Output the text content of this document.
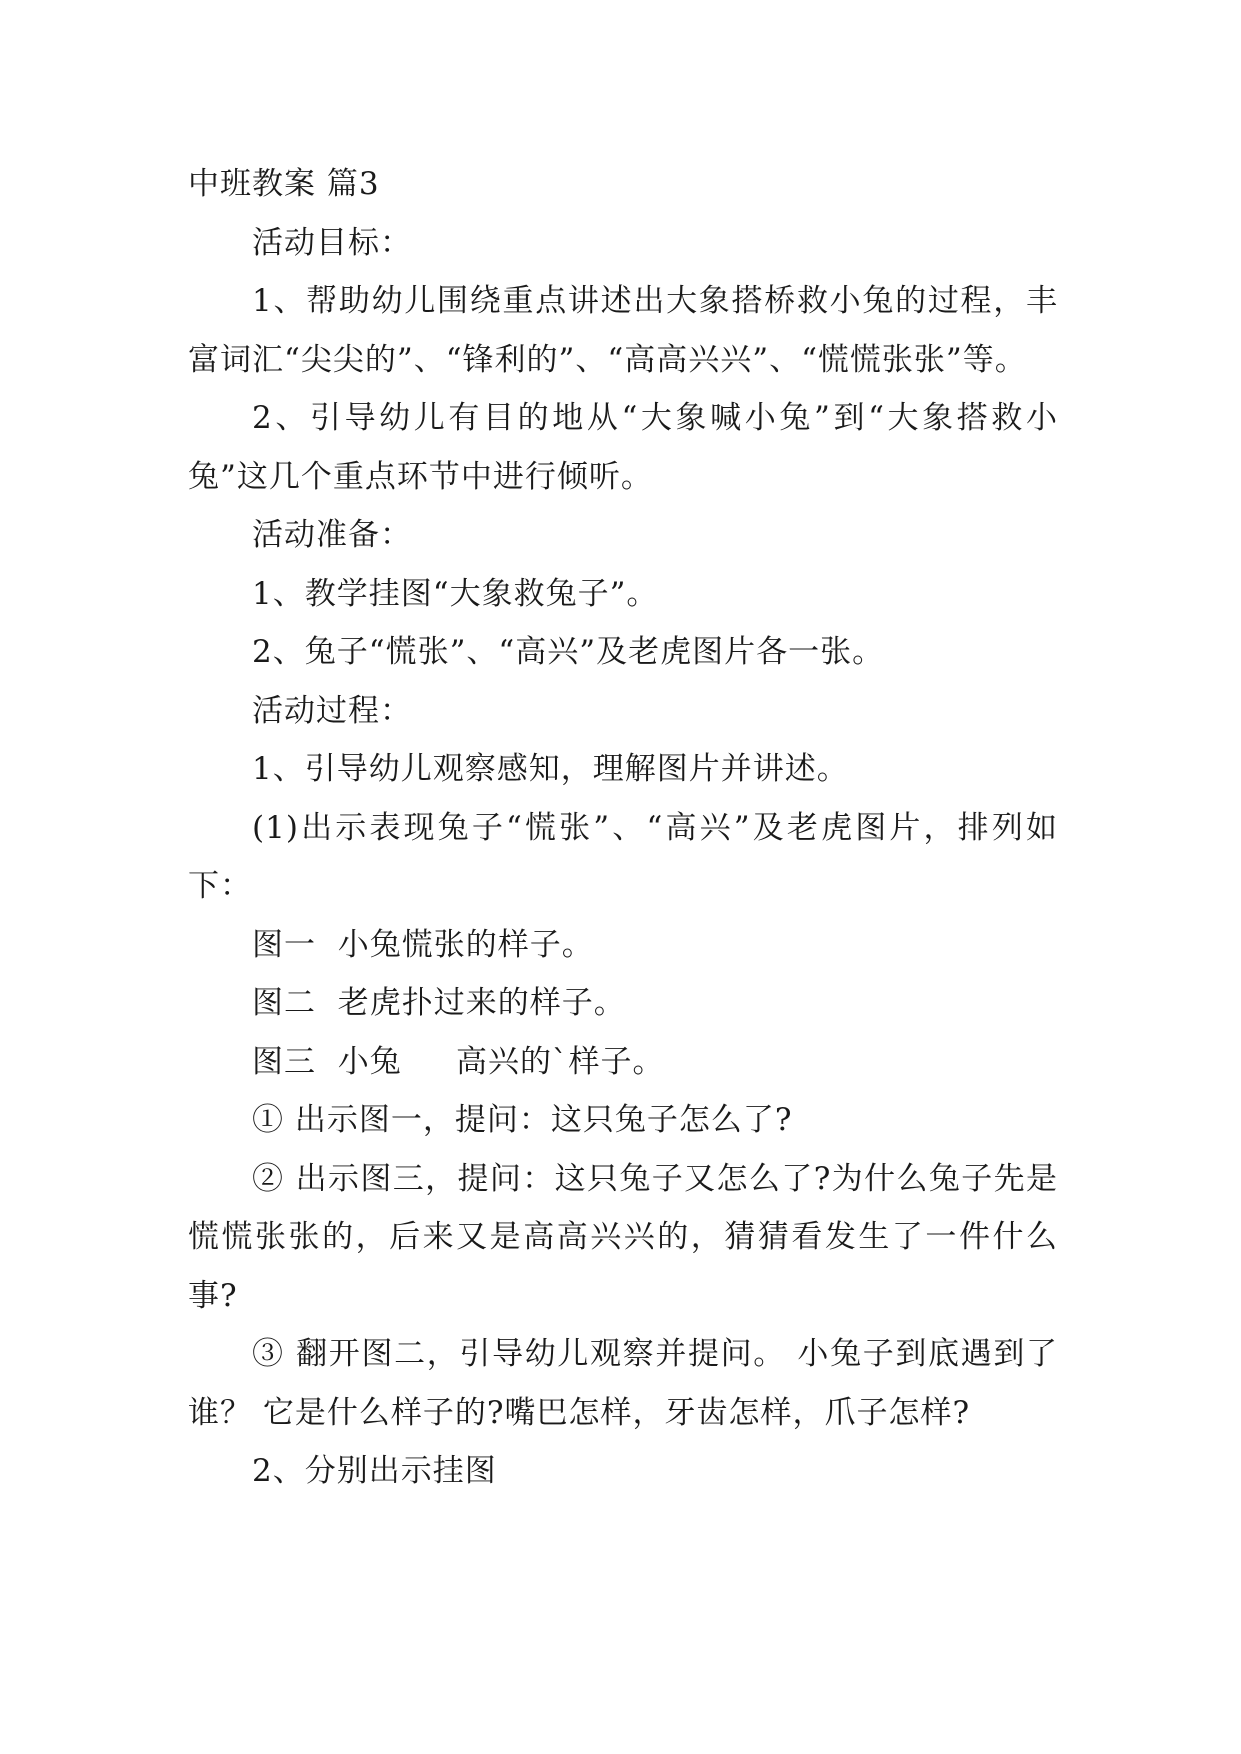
中班教案 篇3

活动目标：

1、帮助幼儿围绕重点讲述出大象搭桥救小兔的过程，丰富词汇“尖尖的”、“锋利的”、“高高兴兴”、“慌慌张张”等。

2、引导幼儿有目的地从“大象喊小兔”到“大象搭救小兔”这几个重点环节中进行倾听。

活动准备：

1、教学挂图“大象救兔子”。

2、兔子“慌张”、“高兴”及老虎图片各一张。

活动过程：

1、引导幼儿观察感知，理解图片并讲述。

(1)出示表现兔子“慌张”、“高兴”及老虎图片，排列如下：

图一  小兔慌张的样子。

图二  老虎扑过来的样子。

图三  小兔     高兴的`样子。

① 出示图一，提问：这只兔子怎么了?

② 出示图三，提问：这只兔子又怎么了?为什么兔子先是慌慌张张的，后来又是高高兴兴的，猜猜看发生了一件什么事?

③ 翻开图二，引导幼儿观察并提问。 小兔子到底遇到了谁？ 它是什么样子的?嘴巴怎样，牙齿怎样，爪子怎样?

2、分别出示挂图
